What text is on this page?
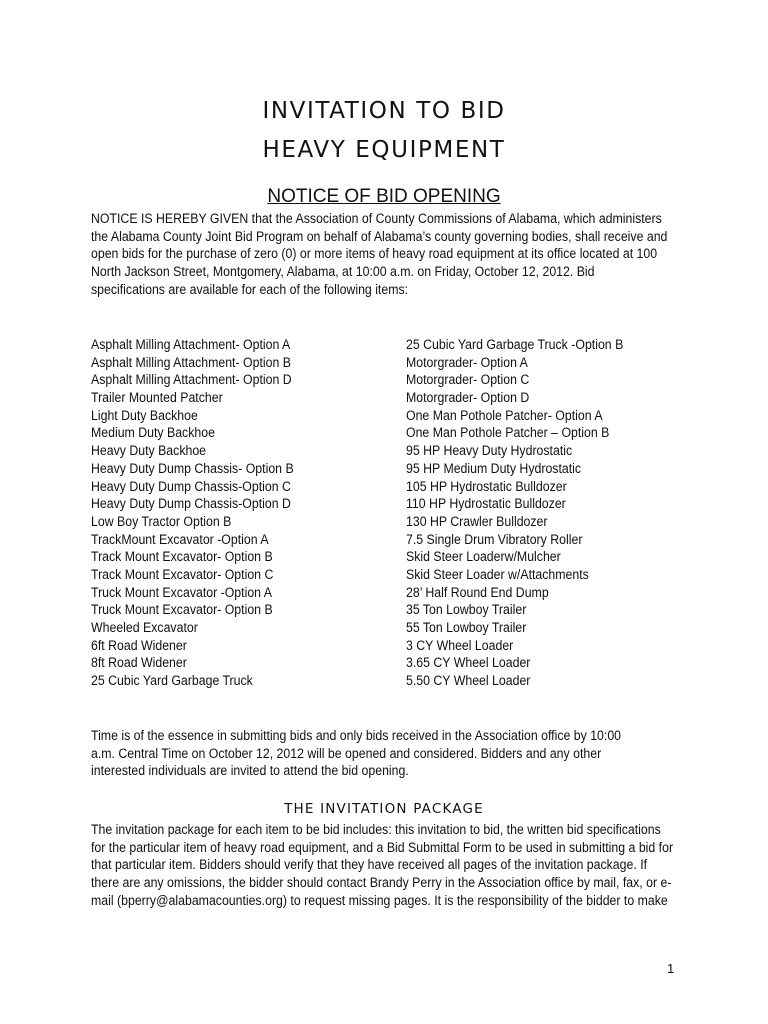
INVITATION TO BID
HEAVY EQUIPMENT
NOTICE OF BID OPENING
NOTICE IS HEREBY GIVEN that the Association of County Commissions of Alabama, which administers
the Alabama County Joint Bid Program on behalf of Alabama’s county governing bodies, shall receive and
open bids for the purchase of zero (0) or more items of heavy road equipment at its office located at 100
North Jackson Street, Montgomery, Alabama, at 10:00 a.m. on Friday, October 12, 2012. Bid
specifications are available for each of the following items:
Asphalt Milling Attachment- Option A
Asphalt Milling Attachment- Option B
Asphalt Milling Attachment- Option D
Trailer Mounted Patcher
Light Duty Backhoe
Medium Duty Backhoe
Heavy Duty Backhoe
Heavy Duty Dump Chassis- Option B
Heavy Duty Dump Chassis-Option C
Heavy Duty Dump Chassis-Option D
Low Boy Tractor Option B
TrackMount Excavator -Option A
Track Mount Excavator- Option B
Track Mount Excavator- Option C
Truck Mount Excavator -Option A
Truck Mount Excavator- Option B
Wheeled Excavator
6ft Road Widener
8ft Road Widener
25 Cubic Yard Garbage Truck
25 Cubic Yard Garbage Truck -Option B
Motorgrader- Option A
Motorgrader- Option C
Motorgrader- Option D
One Man Pothole Patcher- Option A
One Man Pothole Patcher – Option B
95 HP Heavy Duty Hydrostatic
95 HP Medium Duty Hydrostatic
105 HP Hydrostatic Bulldozer
110 HP Hydrostatic Bulldozer
130 HP Crawler Bulldozer
7.5 Single Drum Vibratory Roller
Skid Steer Loaderw/Mulcher
Skid Steer Loader w/Attachments
28’ Half Round End Dump
35 Ton Lowboy Trailer
55 Ton Lowboy Trailer
3 CY Wheel Loader
3.65 CY Wheel Loader
5.50 CY Wheel Loader
Time is of the essence in submitting bids and only bids received in the Association office by 10:00
a.m. Central Time on October 12, 2012 will be opened and considered. Bidders and any other
interested individuals are invited to attend the bid opening.
THE INVITATION PACKAGE
The invitation package for each item to be bid includes: this invitation to bid, the written bid specifications
for the particular item of heavy road equipment, and a Bid Submittal Form to be used in submitting a bid for
that particular item. Bidders should verify that they have received all pages of the invitation package. If
there are any omissions, the bidder should contact Brandy Perry in the Association office by mail, fax, or e-
mail (bperry@alabamacounties.org) to request missing pages. It is the responsibility of the bidder to make
1
